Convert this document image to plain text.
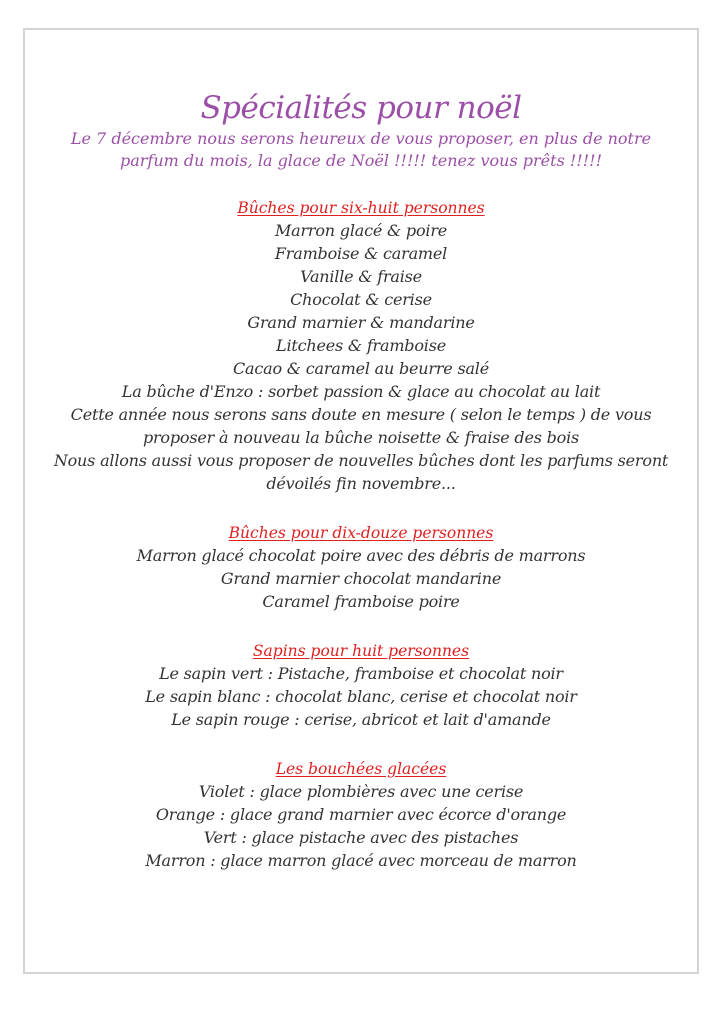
Spécialités pour noël

Le 7 décembre nous serons heureux de vous proposer, en plus de notre parfum du mois, la glace de Noël !!!!! tenez vous prêts !!!!!

Bûches pour six-huit personnes

Marron glacé & poire

Framboise & caramel

Vanille & fraise

Chocolat & cerise

Grand marnier & mandarine

Litchees & framboise

Cacao & caramel au beurre salé

La bûche d'Enzo : sorbet passion & glace au chocolat au lait

Cette année nous serons sans doute en mesure ( selon le temps ) de vous

proposer à nouveau la bûche noisette & fraise des bois

Nous allons aussi vous proposer de nouvelles bûches dont les parfums seront

dévoilés fin novembre...

Bûches pour dix-douze personnes

Marron glacé chocolat poire avec des débris de marrons

Grand marnier chocolat mandarine

Caramel framboise poire

Sapins pour huit personnes

Le sapin vert : Pistache, framboise et chocolat noir

Le sapin blanc : chocolat blanc, cerise et chocolat noir

Le sapin rouge : cerise, abricot et lait d'amande

Les bouchées glacées

Violet : glace plombières avec une cerise

Orange : glace grand marnier avec écorce d'orange

Vert : glace pistache avec des pistaches

Marron : glace marron glacé avec morceau de marron
